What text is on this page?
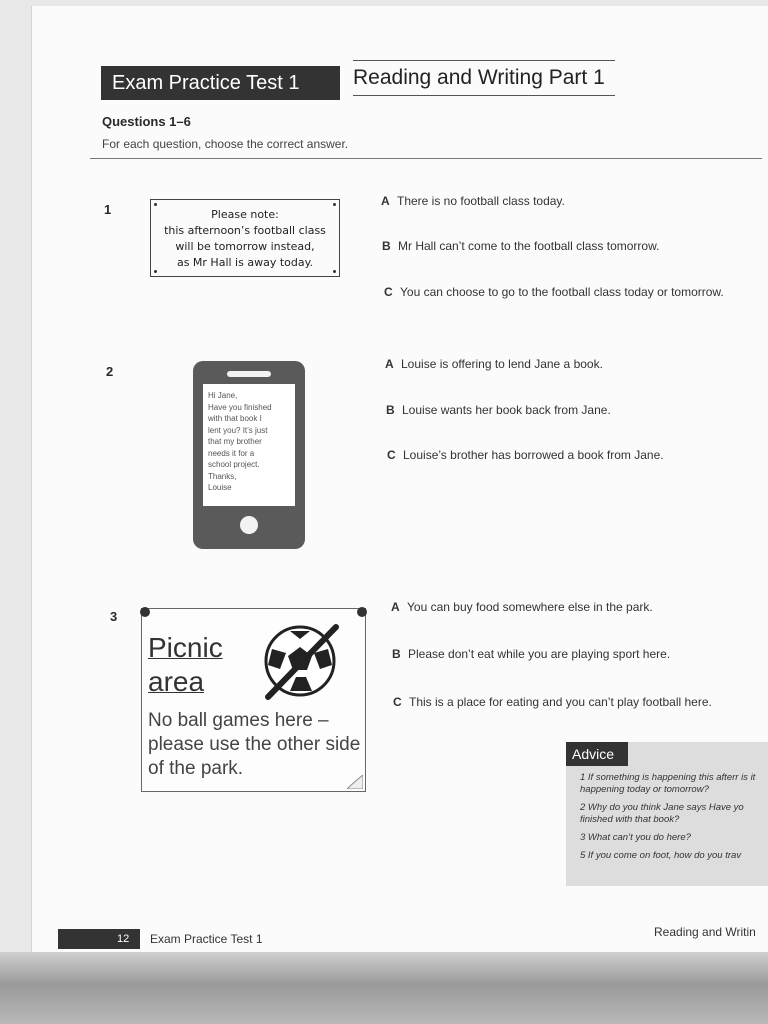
Exam Practice Test 1	Reading and Writing Part 1
Questions 1–6
For each question, choose the correct answer.
1	Please note:
this afternoon’s football class
will be tomorrow instead,
as Mr Hall is away today.
A There is no football class today.
B Mr Hall can’t come to the football class tomorrow.
C You can choose to go to the football class today or tomorrow.
2
Hi Jane,
Have you finished
with that book I
lent you? It’s just
that my brother
needs it for a
school project.
Thanks,
Louise
A Louise is offering to lend Jane a book.
B Louise wants her book back from Jane.
C Louise’s brother has borrowed a book from Jane.
3
Picnic area
No ball games here – please use the other side of the park.
A You can buy food somewhere else in the park.
B Please don’t eat while you are playing sport here.
C This is a place for eating and you can’t play football here.
Advice
1 If something is happening this afterr is it happening today or tomorrow?
2 Why do you think Jane says Have yo finished with that book?
3 What can’t you do here?
5 If you come on foot, how do you trav
12 Exam Practice Test 1	Reading and Writin
